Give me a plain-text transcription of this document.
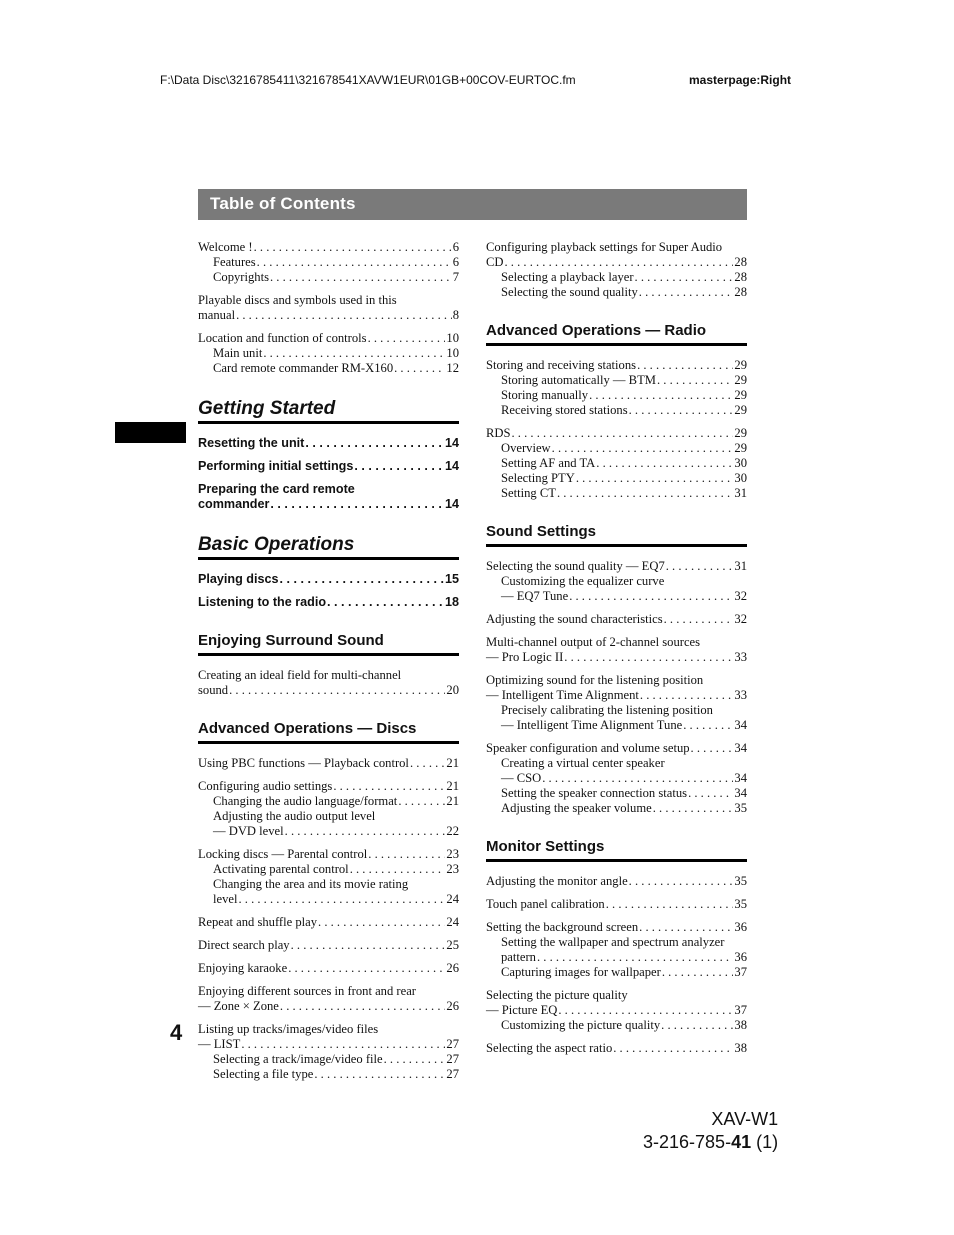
F:\Data Disc\3216785411\321678541XAVW1EUR\01GB+00COV-EURTOC.fm	masterpage:Right
Table of Contents
Welcome ! . . .	6
Features . . .	6
Copyrights . . .	7
Playable discs and symbols used in this
manual . . .	8
Location and function of controls . . .	10
Main unit . . .	10
Card remote commander RM-X160 . . .	12
Getting Started
Resetting the unit . . .	14
Performing initial settings . . .	14
Preparing the card remote
commander . . .	14
Basic Operations
Playing discs . . .	15
Listening to the radio . . .	18
Enjoying Surround Sound
Creating an ideal field for multi-channel
sound . . .	20
Advanced Operations — Discs
Using PBC functions — Playback control . . .	21
Configuring audio settings . . .	21
Changing the audio language/format . . .	21
Adjusting the audio output level
— DVD level . . .	22
Locking discs — Parental control . . .	23
Activating parental control . . .	23
Changing the area and its movie rating
level . . .	24
Repeat and shuffle play . . .	24
Direct search play . . .	25
Enjoying karaoke . . .	26
Enjoying different sources in front and rear
— Zone × Zone . . .	26
Listing up tracks/images/video files
— LIST . . .	27
Selecting a track/image/video file . . .	27
Selecting a file type . . .	27
Configuring playback settings for Super Audio
CD . . .	28
Selecting a playback layer . . .	28
Selecting the sound quality . . .	28
Advanced Operations — Radio
Storing and receiving stations . . .	29
Storing automatically — BTM . . .	29
Storing manually . . .	29
Receiving stored stations . . .	29
RDS . . .	29
Overview . . .	29
Setting AF and TA . . .	30
Selecting PTY . . .	30
Setting CT . . .	31
Sound Settings
Selecting the sound quality — EQ7 . . .	31
Customizing the equalizer curve
— EQ7 Tune . . .	32
Adjusting the sound characteristics . . .	32
Multi-channel output of 2-channel sources
— Pro Logic II . . .	33
Optimizing sound for the listening position
— Intelligent Time Alignment . . .	33
Precisely calibrating the listening position
— Intelligent Time Alignment Tune . . .	34
Speaker configuration and volume setup . . .	34
Creating a virtual center speaker
— CSO . . .	34
Setting the speaker connection status . . .	34
Adjusting the speaker volume . . .	35
Monitor Settings
Adjusting the monitor angle . . .	35
Touch panel calibration . . .	35
Setting the background screen . . .	36
Setting the wallpaper and spectrum analyzer
pattern . . .	36
Capturing images for wallpaper . . .	37
Selecting the picture quality
— Picture EQ . . .	37
Customizing the picture quality . . .	38
Selecting the aspect ratio . . .	38
4
XAV-W1
3-216-785-41 (1)
